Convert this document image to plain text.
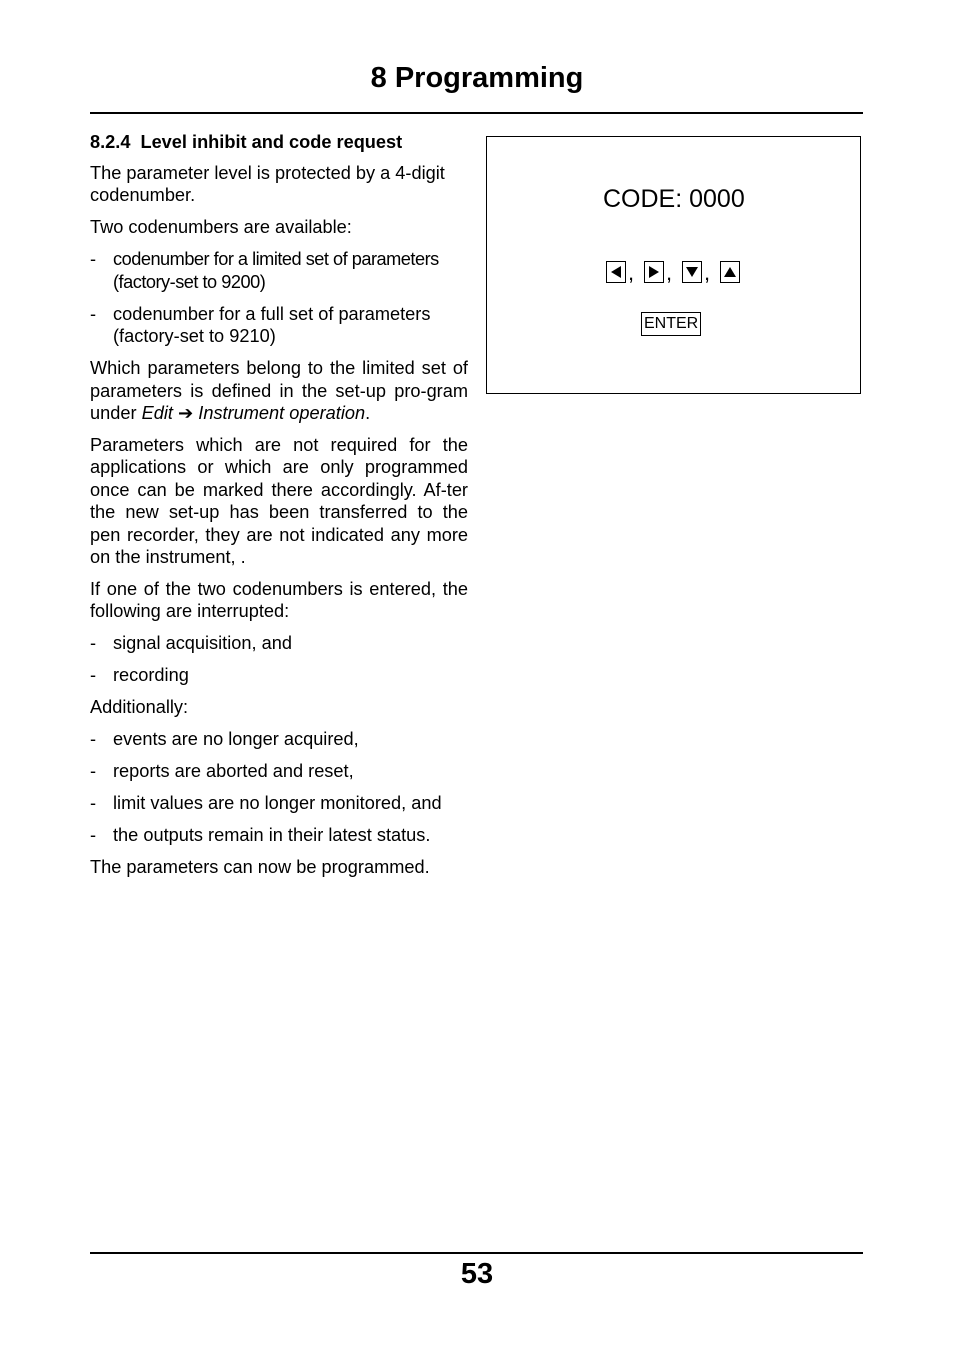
8 Programming
8.2.4 Level inhibit and code request

The parameter level is protected by a 4-digit codenumber.

Two codenumbers are available:

- codenumber for a limited set of parameters (factory-set to 9200)
- codenumber for a full set of parameters (factory-set to 9210)

Which parameters belong to the limited set of parameters is defined in the set-up pro-gram under Edit ➔ Instrument operation.

Parameters which are not required for the applications or which are only programmed once can be marked there accordingly. Af-ter the new set-up has been transferred to the pen recorder, they are not indicated any more on the instrument, .

If one of the two codenumbers is entered, the following are interrupted:

- signal acquisition, and
- recording

Additionally:

- events are no longer acquired,
- reports are aborted and reset,
- limit values are no longer monitored, and
- the outputs remain in their latest status.

The parameters can now be programmed.

CODE: 0000
,	,	,
ENTER
53
